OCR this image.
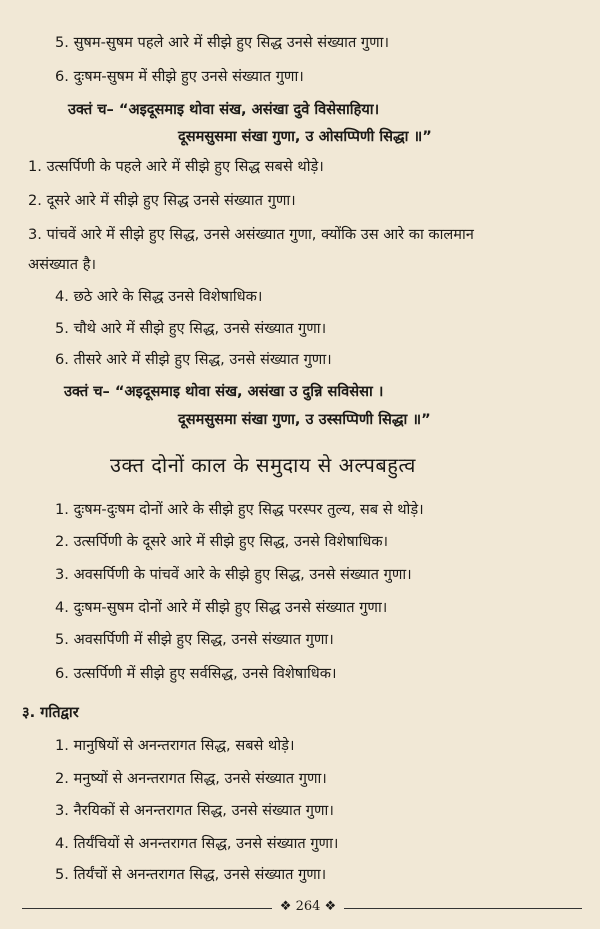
5. सुषम-सुषम पहले आरे में सीझे हुए सिद्ध उनसे संख्यात गुणा।
6. दुःषम-सुषम में सीझे हुए उनसे संख्यात गुणा।
उक्तं च– “अइदूसमाइ थोवा संख, असंखा दुवे विसेसाहिया।
दूसमसुसमा संखा गुणा, उ ओसप्पिणी सिद्धा ॥”
1. उत्सर्पिणी के पहले आरे में सीझे हुए सिद्ध सबसे थोड़े।
2. दूसरे आरे में सीझे हुए सिद्ध उनसे संख्यात गुणा।
3. पांचवें आरे में सीझे हुए सिद्ध, उनसे असंख्यात गुणा, क्योंकि उस आरे का कालमान
असंख्यात है।
4. छठे आरे के सिद्ध उनसे विशेषाधिक।
5. चौथे आरे में सीझे हुए सिद्ध, उनसे संख्यात गुणा।
6. तीसरे आरे में सीझे हुए सिद्ध, उनसे संख्यात गुणा।
उक्तं च– “अइदूसमाइ थोवा संख, असंखा उ दुन्नि सविसेसा ।
दूसमसुसमा संखा गुणा, उ उस्सप्पिणी सिद्धा ॥”
उक्त दोनों काल के समुदाय से अल्पबहुत्व
1. दुःषम-दुःषम दोनों आरे के सीझे हुए सिद्ध परस्पर तुल्य, सब से थोड़े।
2. उत्सर्पिणी के दूसरे आरे में सीझे हुए सिद्ध, उनसे विशेषाधिक।
3. अवसर्पिणी के पांचवें आरे के सीझे हुए सिद्ध, उनसे संख्यात गुणा।
4. दुःषम-सुषम दोनों आरे में सीझे हुए सिद्ध उनसे संख्यात गुणा।
5. अवसर्पिणी में सीझे हुए सिद्ध, उनसे संख्यात गुणा।
6. उत्सर्पिणी में सीझे हुए सर्वसिद्ध, उनसे विशेषाधिक।
३. गतिद्वार
1. मानुषियों से अनन्तरागत सिद्ध, सबसे थोड़े।
2. मनुष्यों से अनन्तरागत सिद्ध, उनसे संख्यात गुणा।
3. नैरयिकों से अनन्तरागत सिद्ध, उनसे संख्यात गुणा।
4. तिर्यंचियों से अनन्तरागत सिद्ध, उनसे संख्यात गुणा।
5. तिर्यंचों से अनन्तरागत सिद्ध, उनसे संख्यात गुणा।
❖ 264 ❖
